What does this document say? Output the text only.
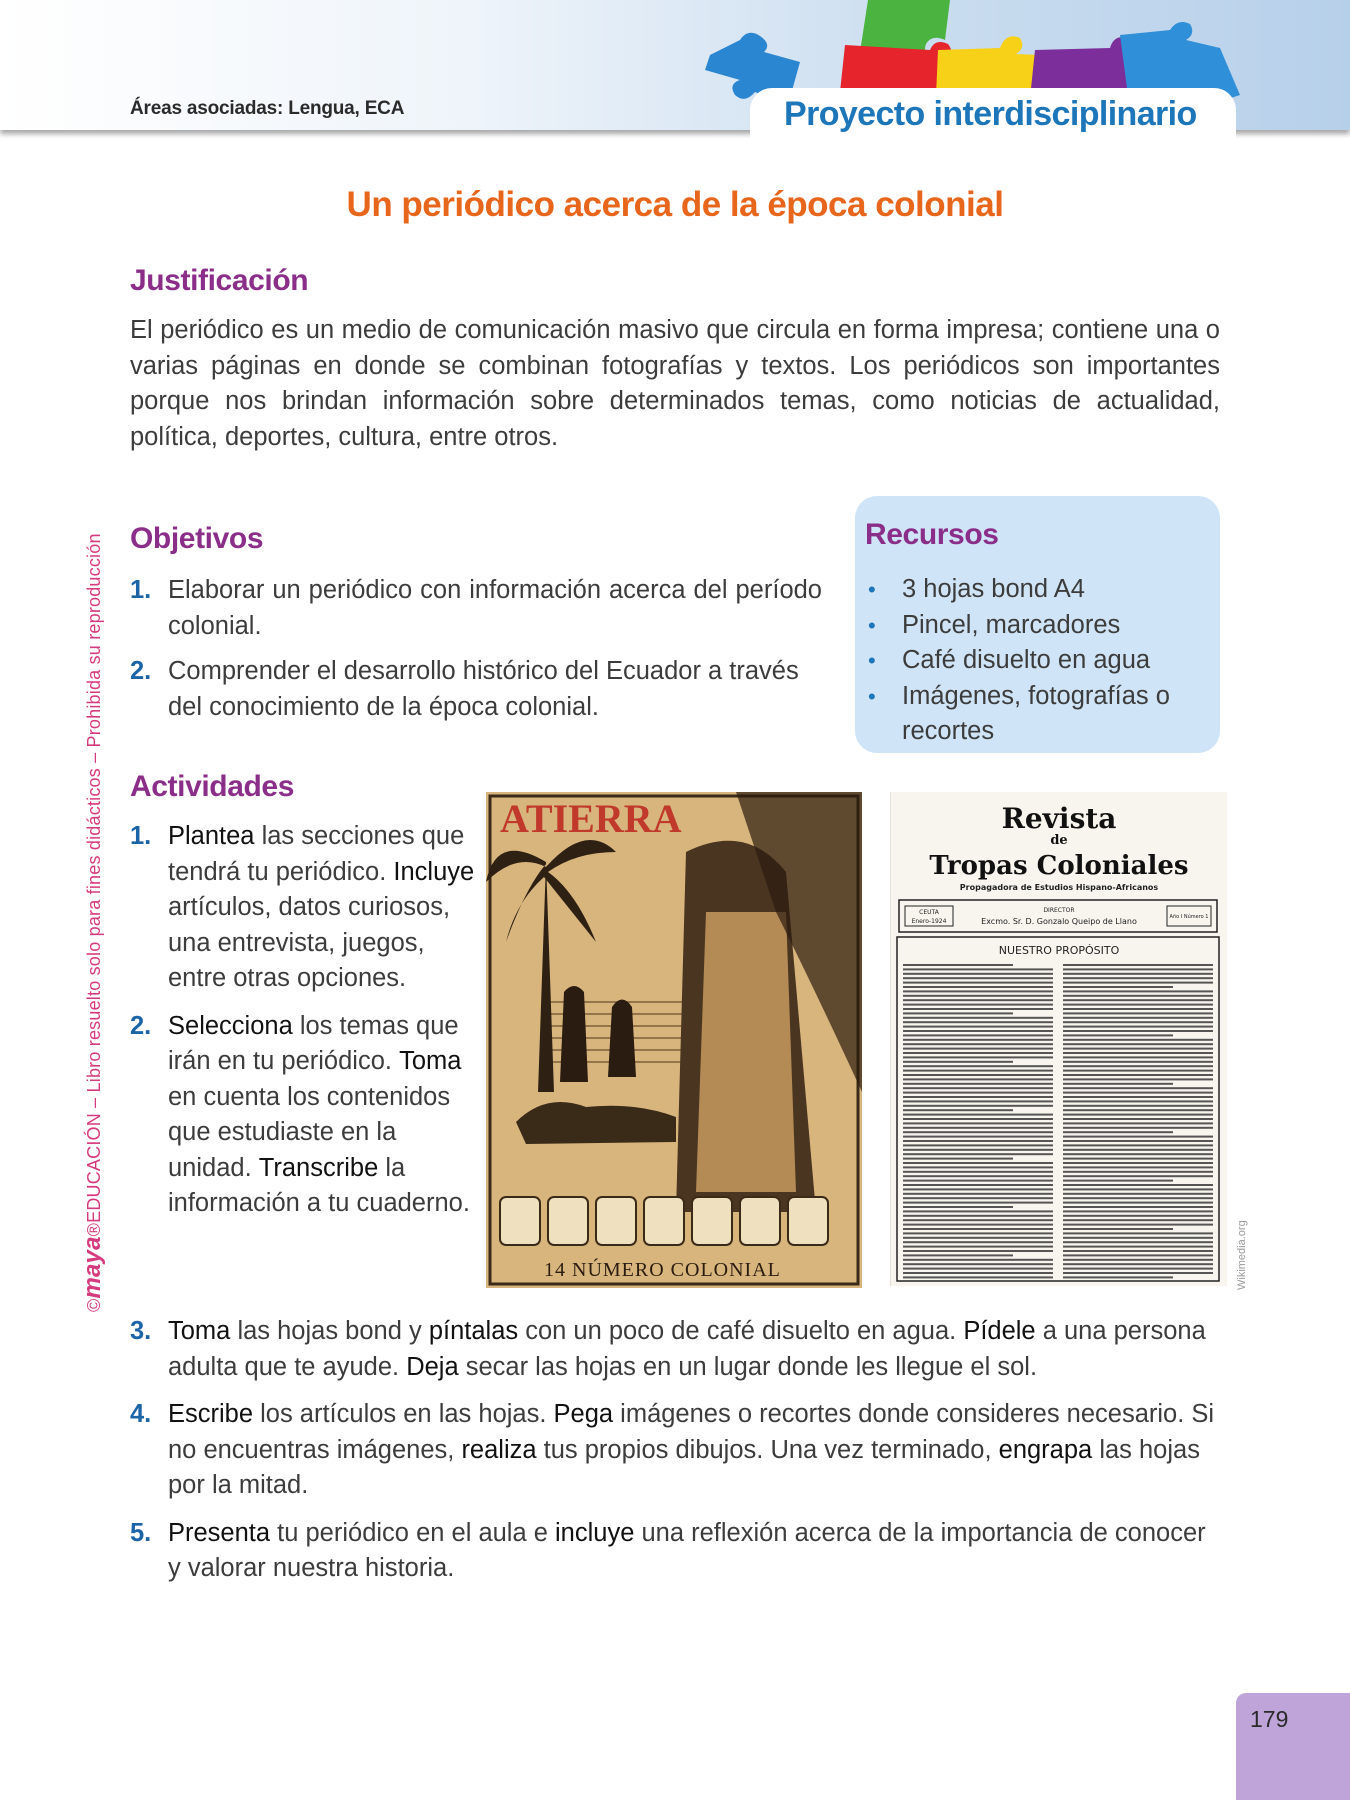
Áreas asociadas: Lengua, ECA	Proyecto interdisciplinario
©maya®EDUCACIÓN – Libro resuelto solo para fines didácticos – Prohibida su reproducción
Un periódico acerca de la época colonial
Justificación
El periódico es un medio de comunicación masivo que circula en forma impresa; contiene una o varias páginas en donde se combinan fotografías y textos. Los periódicos son importantes porque nos brindan información sobre determinados temas, como noticias de actualidad, política, deportes, cultura, entre otros.
Objetivos
1. Elaborar un periódico con información acerca del período colonial.
2. Comprender el desarrollo histórico del Ecuador a través del conocimiento de la época colonial.
Recursos
• 3 hojas bond A4
• Pincel, marcadores
• Café disuelto en agua
• Imágenes, fotografías o recortes
Actividades
1. Plantea las secciones que tendrá tu periódico. Incluye artículos, datos curiosos, una entrevista, juegos, entre otras opciones.
2. Selecciona los temas que irán en tu periódico. Toma en cuenta los contenidos que estudiaste en la unidad. Transcribe la información a tu cuaderno.
ATIERRA
14 NÚMERO COLONIAL
Revista
de
Tropas Coloniales
Propagadora de Estudios Hispano-Africanos
CEUTA
Enero-1924
Año I Número 1
DIRECTOR
Excmo. Sr. D. Gonzalo Queipo de Llano
NUESTRO PROPÓSITO
Wikimedia.org
3. Toma las hojas bond y píntalas con un poco de café disuelto en agua. Pídele a una persona adulta que te ayude. Deja secar las hojas en un lugar donde les llegue el sol.
4. Escribe los artículos en las hojas. Pega imágenes o recortes donde consideres necesario. Si no encuentras imágenes, realiza tus propios dibujos. Una vez terminado, engrapa las hojas por la mitad.
5. Presenta tu periódico en el aula e incluye una reflexión acerca de la importancia de conocer y valorar nuestra historia.
179
